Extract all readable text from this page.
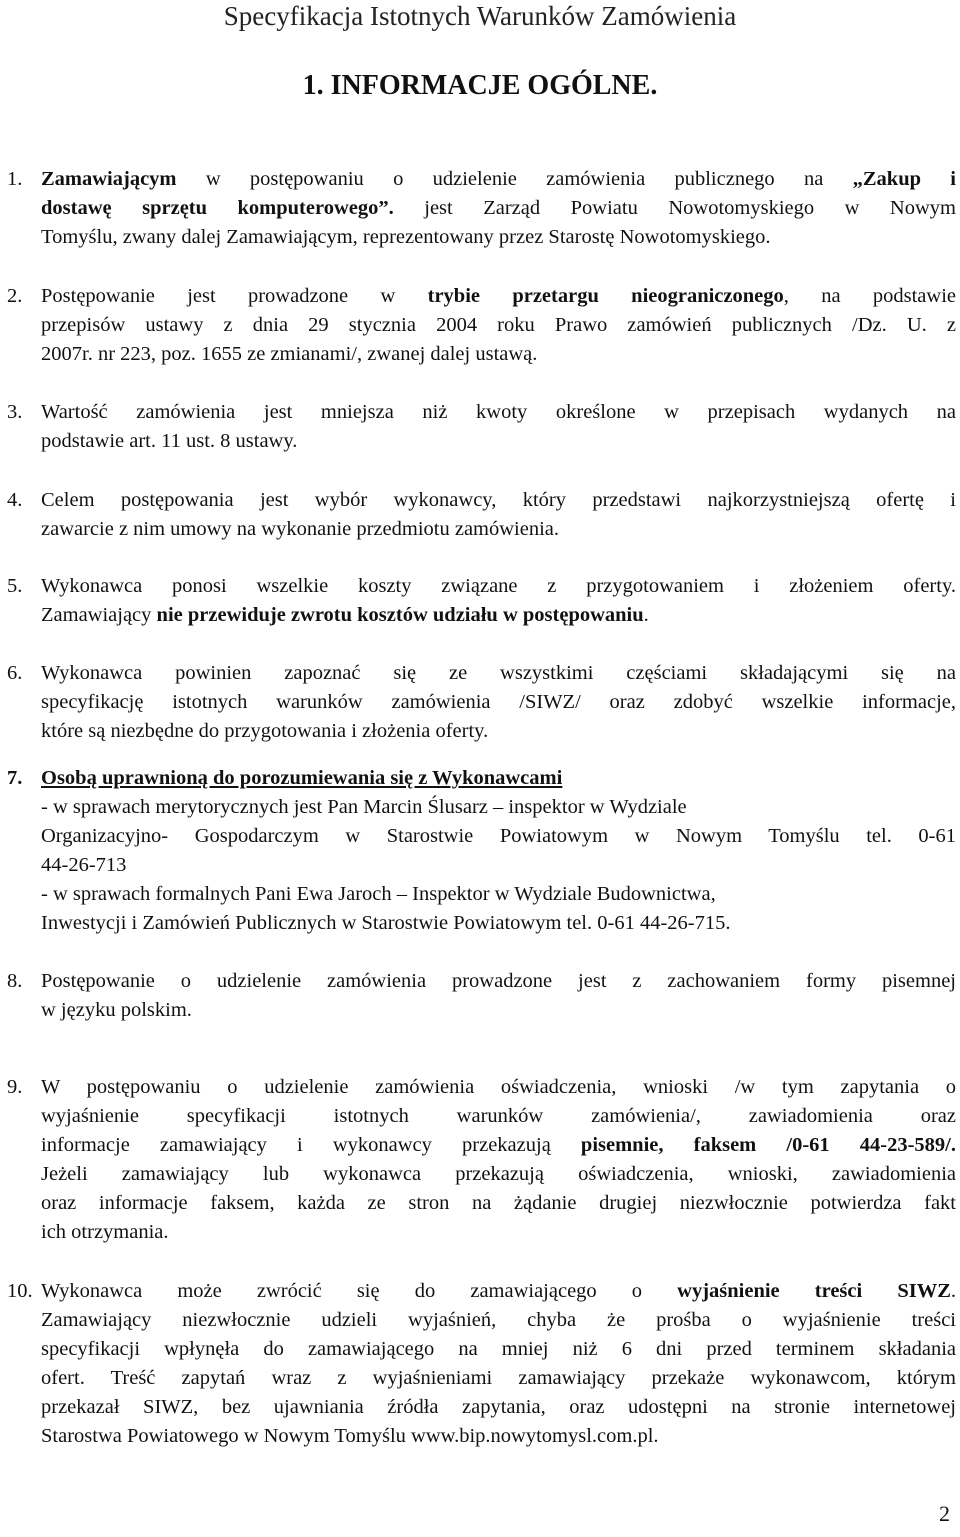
Specyfikacja Istotnych Warunków Zamówienia
1. INFORMACJE OGÓLNE.
1. Zamawiającym w postępowaniu o udzielenie zamówienia publicznego na „Zakup i
dostawę sprzętu komputerowego”. jest Zarząd Powiatu Nowotomyskiego w Nowym
Tomyślu, zwany dalej Zamawiającym, reprezentowany przez Starostę Nowotomyskiego.
2. Postępowanie jest prowadzone w trybie przetargu nieograniczonego, na podstawie
przepisów ustawy z dnia 29 stycznia 2004 roku Prawo zamówień publicznych /Dz. U. z
2007r. nr 223, poz. 1655 ze zmianami/, zwanej dalej ustawą.
3. Wartość zamówienia jest mniejsza niż kwoty określone w przepisach wydanych na
podstawie art. 11 ust. 8 ustawy.
4. Celem postępowania jest wybór wykonawcy, który przedstawi najkorzystniejszą ofertę i
zawarcie z nim umowy na wykonanie przedmiotu zamówienia.
5. Wykonawca ponosi wszelkie koszty związane z przygotowaniem i złożeniem oferty.
Zamawiający nie przewiduje zwrotu kosztów udziału w postępowaniu.
6. Wykonawca powinien zapoznać się ze wszystkimi częściami składającymi się na
specyfikację istotnych warunków zamówienia /SIWZ/ oraz zdobyć wszelkie informacje,
które są niezbędne do przygotowania i złożenia oferty.
7. Osobą uprawnioną do porozumiewania się z Wykonawcami
- w sprawach merytorycznych jest Pan Marcin Ślusarz – inspektor w Wydziale
Organizacyjno- Gospodarczym w Starostwie Powiatowym w Nowym Tomyślu tel. 0-61
44-26-713
- w sprawach formalnych Pani Ewa Jaroch – Inspektor w Wydziale Budownictwa,
Inwestycji i Zamówień Publicznych w Starostwie Powiatowym tel. 0-61 44-26-715.
8. Postępowanie o udzielenie zamówienia prowadzone jest z zachowaniem formy pisemnej
w języku polskim.
9. W postępowaniu o udzielenie zamówienia oświadczenia, wnioski /w tym zapytania o
wyjaśnienie specyfikacji istotnych warunków zamówienia/, zawiadomienia oraz
informacje zamawiający i wykonawcy przekazują pisemnie, faksem /0-61 44-23-589/.
Jeżeli zamawiający lub wykonawca przekazują oświadczenia, wnioski, zawiadomienia
oraz informacje faksem, każda ze stron na żądanie drugiej niezwłocznie potwierdza fakt
ich otrzymania.
10. Wykonawca może zwrócić się do zamawiającego o wyjaśnienie treści SIWZ.
Zamawiający niezwłocznie udzieli wyjaśnień, chyba że prośba o wyjaśnienie treści
specyfikacji wpłynęła do zamawiającego na mniej niż 6 dni przed terminem składania
ofert. Treść zapytań wraz z wyjaśnieniami zamawiający przekaże wykonawcom, którym
przekazał SIWZ, bez ujawniania źródła zapytania, oraz udostępni na stronie internetowej
Starostwa Powiatowego w Nowym Tomyślu www.bip.nowytomysl.com.pl.
2
